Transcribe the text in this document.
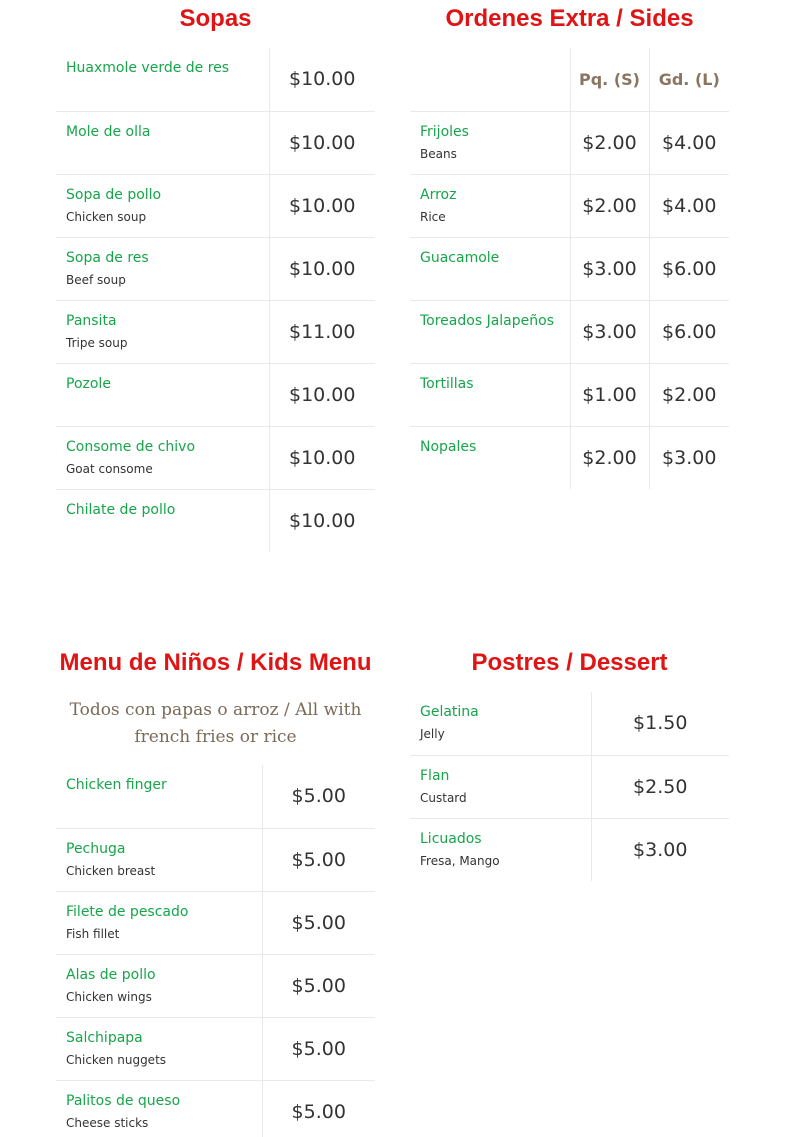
Sopas
Huaxmole verde de res	$10.00

Mole de olla	$10.00

Sopa de pollo
Chicken soup	$10.00

Sopa de res
Beef soup	$10.00

Pansita
Tripe soup	$11.00

Pozole	$10.00

Consome de chivo
Goat consome	$10.00

Chilate de pollo	$10.00
Ordenes Extra / Sides
	Pq. (S)	Gd. (L)

Frijoles
Beans	$2.00	$4.00

Arroz
Rice	$2.00	$4.00

Guacamole	$3.00	$6.00

Toreados Jalapeños	$3.00	$6.00

Tortillas	$1.00	$2.00

Nopales	$2.00	$3.00
Menu de Niños / Kids Menu

Todos con papas o arroz / All with french fries or rice

Chicken finger	$5.00

Pechuga
Chicken breast	$5.00

Filete de pescado
Fish fillet	$5.00

Alas de pollo
Chicken wings	$5.00

Salchipapa
Chicken nuggets	$5.00

Palitos de queso
Cheese sticks	$5.00
Postres / Dessert
Gelatina
Jelly	$1.50

Flan
Custard	$2.50

Licuados
Fresa, Mango	$3.00
